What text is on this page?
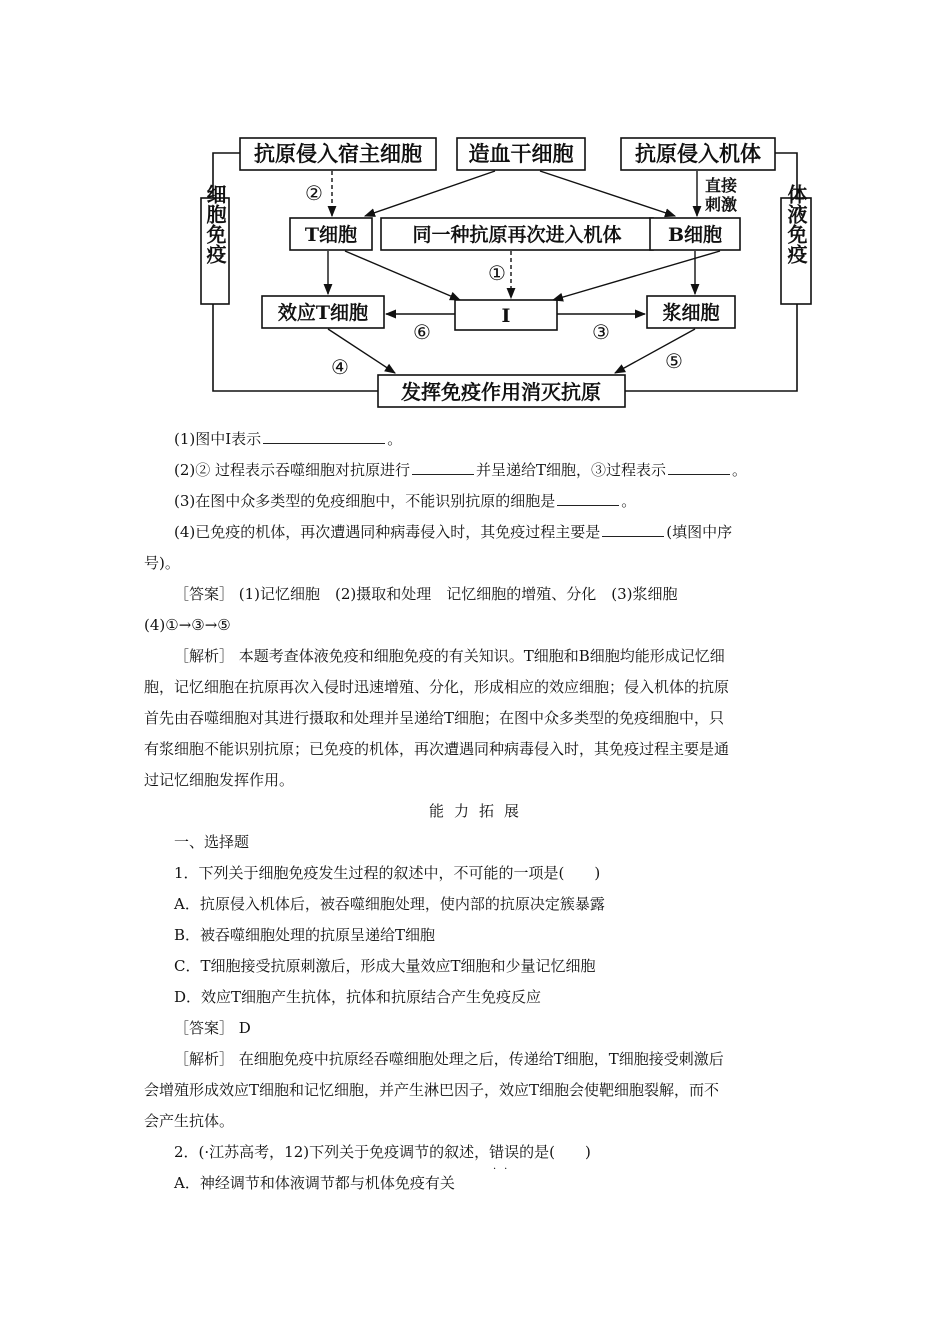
抗原侵入宿主细胞 造血干细胞	抗原侵入机体
T细胞	同一种抗原再次进入机体 B细胞
效应T细胞	I	浆细胞
发挥免疫作用消灭抗原
细胞免疫	体液免疫
直接
刺激
①
②
③
④	⑤
⑥
(1)图中Ⅰ表示	。
(2)② 过程表示吞噬细胞对抗原进行	并呈递给T细胞，③过程表示	。
(3)在图中众多类型的免疫细胞中，不能识别抗原的细胞是	。
(4)已免疫的机体，再次遭遇同种病毒侵入时，其免疫过程主要是	(填图中序
号)。
［答案］ (1)记忆细胞　(2)摄取和处理　记忆细胞的增殖、分化　(3)浆细胞
(4)①→③→⑤
［解析］ 本题考查体液免疫和细胞免疫的有关知识。T细胞和B细胞均能形成记忆细
胞，记忆细胞在抗原再次入侵时迅速增殖、分化，形成相应的效应细胞；侵入机体的抗原
首先由吞噬细胞对其进行摄取和处理并呈递给T细胞；在图中众多类型的免疫细胞中，只
有浆细胞不能识别抗原；已免疫的机体，再次遭遇同种病毒侵入时，其免疫过程主要是通
过记忆细胞发挥作用。
能力拓展
一、选择题
1．下列关于细胞免疫发生过程的叙述中，不可能的一项是(　　)
A．抗原侵入机体后，被吞噬细胞处理，使内部的抗原决定簇暴露
B．被吞噬细胞处理的抗原呈递给T细胞
C．T细胞接受抗原刺激后，形成大量效应T细胞和少量记忆细胞
D．效应T细胞产生抗体，抗体和抗原结合产生免疫反应
［答案］ D
［解析］ 在细胞免疫中抗原经吞噬细胞处理之后，传递给T细胞，T细胞接受刺激后
会增殖形成效应T细胞和记忆细胞，并产生淋巴因子，效应T细胞会使靶细胞裂解，而不
会产生抗体。
2．(·江苏高考，12)下列关于免疫调节的叙述，错误
··
的是(　　)
A．神经调节和体液调节都与机体免疫有关
